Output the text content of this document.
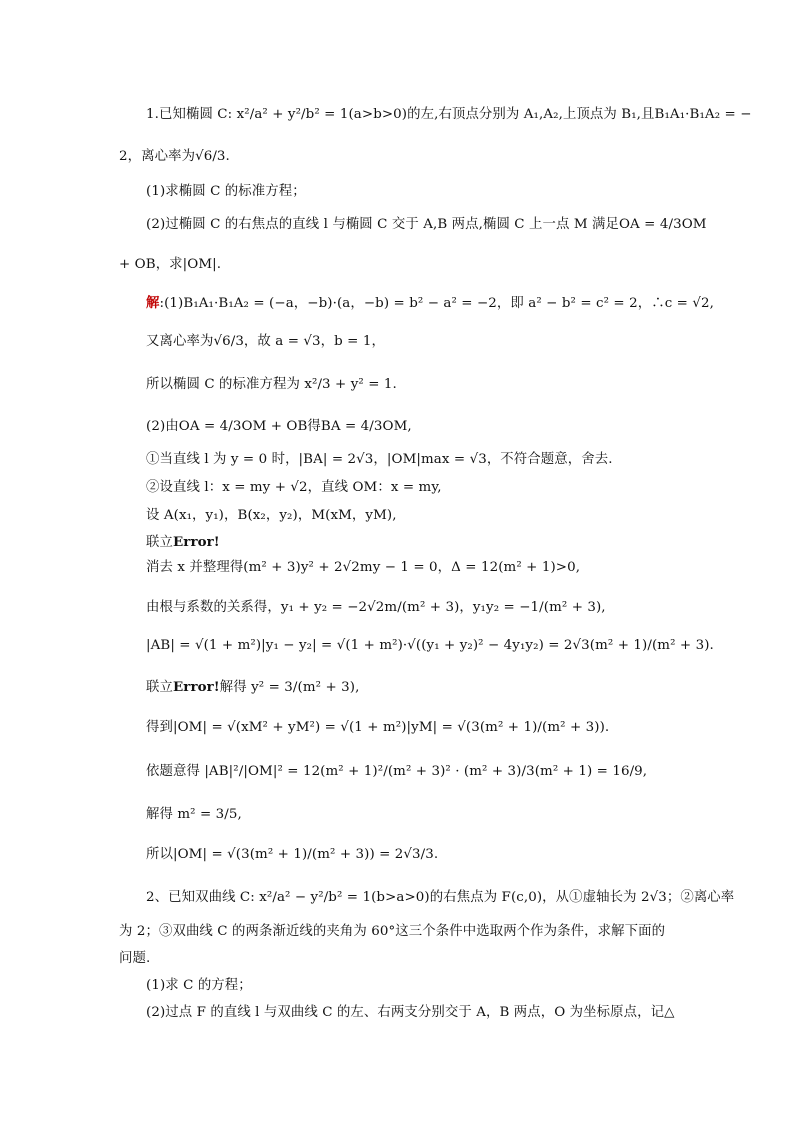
1.已知椭圆 C: x²/a² + y²/b² = 1(a>b>0)的左,右顶点分别为 A₁,A₂,上顶点为 B₁,且B₁A₁·B₁A₂ = −
2，离心率为√6/3.
(1)求椭圆 C 的标准方程；
(2)过椭圆 C 的右焦点的直线 l 与椭圆 C 交于 A,B 两点,椭圆 C 上一点 M 满足OA = 4/3OM
+ OB，求|OM|.
解:(1)B₁A₁·B₁A₂ = (−a，−b)·(a，−b) = b² − a² = −2，即 a² − b² = c² = 2，∴c = √2,
又离心率为√6/3，故 a = √3，b = 1，
所以椭圆 C 的标准方程为 x²/3 + y² = 1.
(2)由OA = 4/3OM + OB得BA = 4/3OM,
①当直线 l 为 y = 0 时，|BA| = 2√3，|OM|max = √3，不符合题意，舍去.
②设直线 l：x = my + √2，直线 OM：x = my,
设 A(x₁，y₁)，B(x₂，y₂)，M(xM，yM),
联立Error!
消去 x 并整理得(m² + 3)y² + 2√2my − 1 = 0，Δ = 12(m² + 1)>0,
由根与系数的关系得，y₁ + y₂ = −2√2m/(m² + 3)，y₁y₂ = −1/(m² + 3),
|AB| = √(1 + m²)|y₁ − y₂| = √(1 + m²)·√((y₁ + y₂)² − 4y₁y₂) = 2√3(m² + 1)/(m² + 3).
联立Error!解得 y² = 3/(m² + 3),
得到|OM| = √(xM² + yM²) = √(1 + m²)|yM| = √(3(m² + 1)/(m² + 3)).
依题意得 |AB|²/|OM|² = 12(m² + 1)²/(m² + 3)² · (m² + 3)/3(m² + 1) = 16/9,
解得 m² = 3/5,
所以|OM| = √(3(m² + 1)/(m² + 3)) = 2√3/3.
2、已知双曲线 C: x²/a² − y²/b² = 1(b>a>0)的右焦点为 F(c,0)，从①虚轴长为 2√3；②离心率
为 2；③双曲线 C 的两条渐近线的夹角为 60°这三个条件中选取两个作为条件，求解下面的
问题.
(1)求 C 的方程；
(2)过点 F 的直线 l 与双曲线 C 的左、右两支分别交于 A，B 两点，O 为坐标原点，记△
